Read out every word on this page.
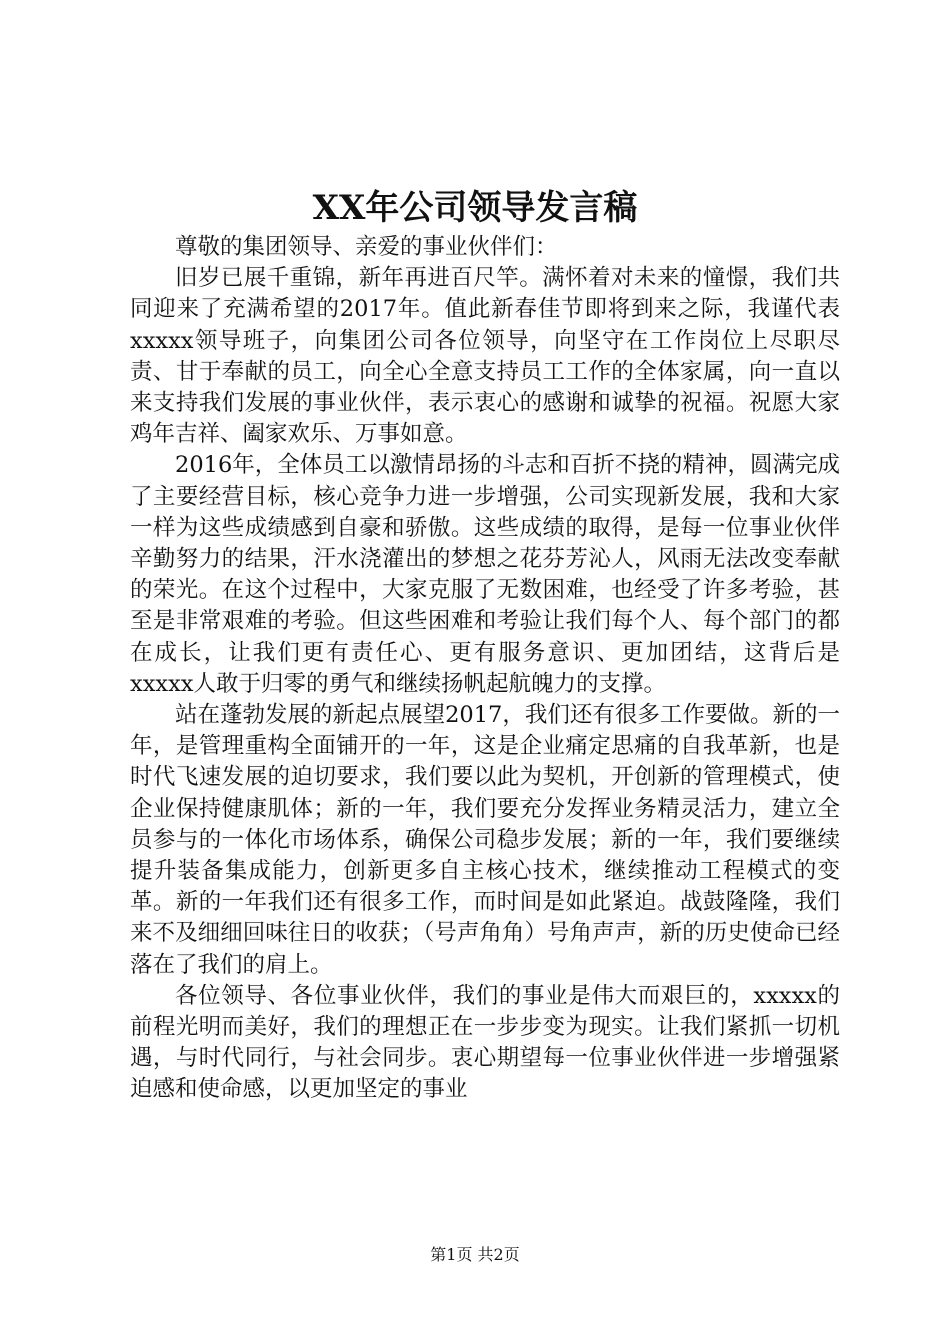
XX年公司领导发言稿

尊敬的集团领导、亲爱的事业伙伴们：

旧岁已展千重锦，新年再进百尺竿。满怀着对未来的憧憬，我们共同迎来了充满希望的2017年。值此新春佳节即将到来之际，我谨代表xxxxx领导班子，向集团公司各位领导，向坚守在工作岗位上尽职尽责、甘于奉献的员工，向全心全意支持员工工作的全体家属，向一直以来支持我们发展的事业伙伴，表示衷心的感谢和诚挚的祝福。祝愿大家鸡年吉祥、阖家欢乐、万事如意。

2016年，全体员工以激情昂扬的斗志和百折不挠的精神，圆满完成了主要经营目标，核心竞争力进一步增强，公司实现新发展，我和大家一样为这些成绩感到自豪和骄傲。这些成绩的取得，是每一位事业伙伴辛勤努力的结果，汗水浇灌出的梦想之花芬芳沁人，风雨无法改变奉献的荣光。在这个过程中，大家克服了无数困难，也经受了许多考验，甚至是非常艰难的考验。但这些困难和考验让我们每个人、每个部门的都在成长，让我们更有责任心、更有服务意识、更加团结，这背后是xxxxx人敢于归零的勇气和继续扬帆起航魄力的支撑。

站在蓬勃发展的新起点展望2017，我们还有很多工作要做。新的一年，是管理重构全面铺开的一年，这是企业痛定思痛的自我革新，也是时代飞速发展的迫切要求，我们要以此为契机，开创新的管理模式，使企业保持健康肌体；新的一年，我们要充分发挥业务精灵活力，建立全员参与的一体化市场体系，确保公司稳步发展；新的一年，我们要继续提升装备集成能力，创新更多自主核心技术，继续推动工程模式的变革。新的一年我们还有很多工作，而时间是如此紧迫。战鼓隆隆，我们来不及细细回味往日的收获；（号声角角）号角声声，新的历史使命已经落在了我们的肩上。

各位领导、各位事业伙伴，我们的事业是伟大而艰巨的，xxxxx的前程光明而美好，我们的理想正在一步步变为现实。让我们紧抓一切机遇，与时代同行，与社会同步。衷心期望每一位事业伙伴进一步增强紧迫感和使命感，以更加坚定的事业

第1页 共2页
